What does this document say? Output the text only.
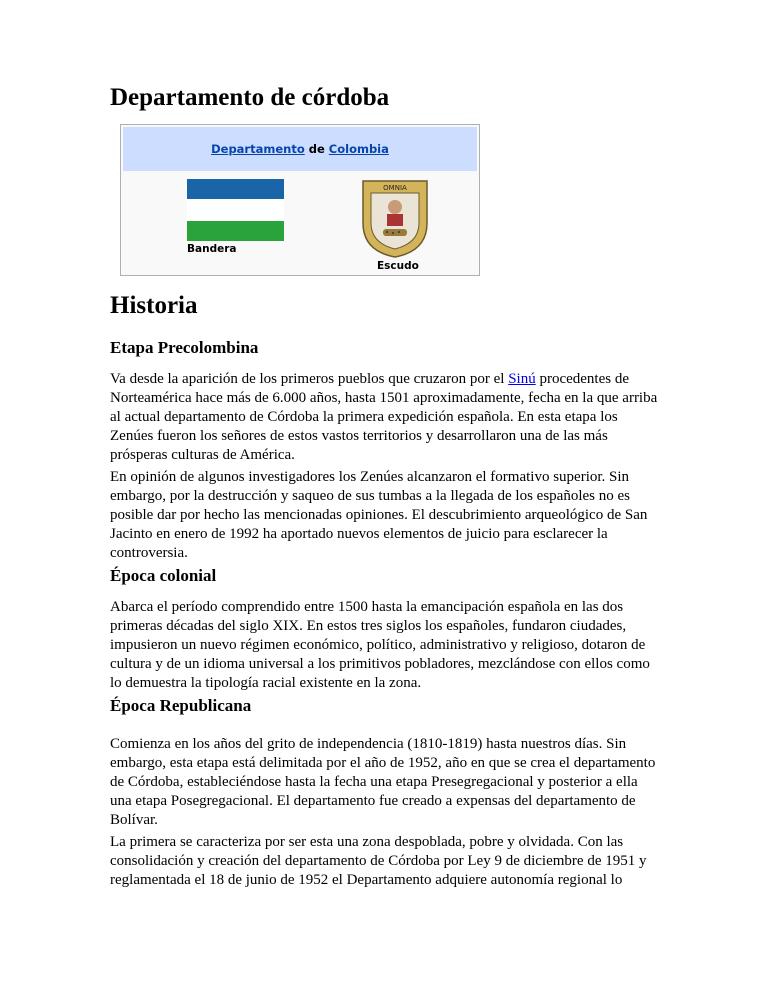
Departamento de córdoba
Departamento de Colombia
Bandera
OMNIA
Escudo
Historia
Etapa Precolombina

Va desde la aparición de los primeros pueblos que cruzaron por el Sinú procedentes de Norteamérica hace más de 6.000 años, hasta 1501 aproximadamente, fecha en la que arriba al actual departamento de Córdoba la primera expedición española. En esta etapa los Zenúes fueron los señores de estos vastos territorios y desarrollaron una de las más prósperas culturas de América.

En opinión de algunos investigadores los Zenúes alcanzaron el formativo superior. Sin embargo, por la destrucción y saqueo de sus tumbas a la llegada de los españoles no es posible dar por hecho las mencionadas opiniones. El descubrimiento arqueológico de San Jacinto en enero de 1992 ha aportado nuevos elementos de juicio para esclarecer la controversia.

Época colonial

Abarca el período comprendido entre 1500 hasta la emancipación española en las dos primeras décadas del siglo XIX. En estos tres siglos los españoles, fundaron ciudades, impusieron un nuevo régimen económico, político, administrativo y religioso, dotaron de cultura y de un idioma universal a los primitivos pobladores, mezclándose con ellos como lo demuestra la tipología racial existente en la zona.

Época Republicana

Comienza en los años del grito de independencia (1810-1819) hasta nuestros días. Sin embargo, esta etapa está delimitada por el año de 1952, año en que se crea el departamento de Córdoba, estableciéndose hasta la fecha una etapa Presegregacional y posterior a ella una etapa Posegregacional. El departamento fue creado a expensas del departamento de Bolívar.

La primera se caracteriza por ser esta una zona despoblada, pobre y olvidada. Con las consolidación y creación del departamento de Córdoba por Ley 9 de diciembre de 1951 y reglamentada el 18 de junio de 1952 el Departamento adquiere autonomía regional lo
